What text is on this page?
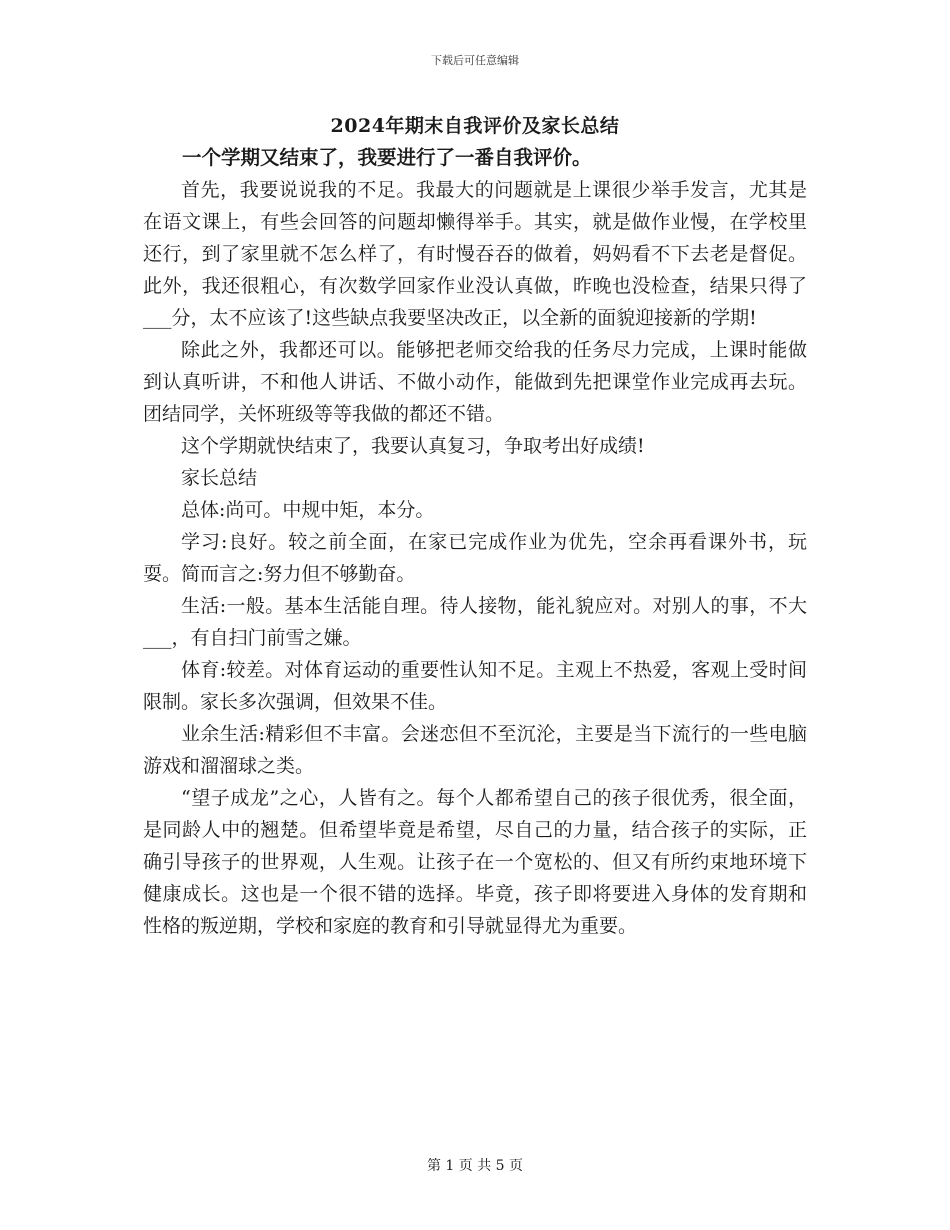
下载后可任意编辑
2024年期末自我评价及家长总结

一个学期又结束了，我要进行了一番自我评价。

首先，我要说说我的不足。我最大的问题就是上课很少举手发言，尤其是在语文课上，有些会回答的问题却懒得举手。其实，就是做作业慢，在学校里还行，到了家里就不怎么样了，有时慢吞吞的做着，妈妈看不下去老是督促。此外，我还很粗心，有次数学回家作业没认真做，昨晚也没检查，结果只得了___分，太不应该了!这些缺点我要坚决改正，以全新的面貌迎接新的学期!

除此之外，我都还可以。能够把老师交给我的任务尽力完成，上课时能做到认真听讲，不和他人讲话、不做小动作，能做到先把课堂作业完成再去玩。团结同学，关怀班级等等我做的都还不错。

这个学期就快结束了，我要认真复习，争取考出好成绩!

家长总结

总体:尚可。中规中矩，本分。

学习:良好。较之前全面，在家已完成作业为优先，空余再看课外书，玩耍。简而言之:努力但不够勤奋。

生活:一般。基本生活能自理。待人接物，能礼貌应对。对别人的事，不大___，有自扫门前雪之嫌。

体育:较差。对体育运动的重要性认知不足。主观上不热爱，客观上受时间限制。家长多次强调，但效果不佳。

业余生活:精彩但不丰富。会迷恋但不至沉沦，主要是当下流行的一些电脑游戏和溜溜球之类。

“望子成龙”之心，人皆有之。每个人都希望自己的孩子很优秀，很全面，是同龄人中的翘楚。但希望毕竟是希望，尽自己的力量，结合孩子的实际，正确引导孩子的世界观，人生观。让孩子在一个宽松的、但又有所约束地环境下健康成长。这也是一个很不错的选择。毕竟，孩子即将要进入身体的发育期和性格的叛逆期，学校和家庭的教育和引导就显得尤为重要。

第 1 页 共 5 页
